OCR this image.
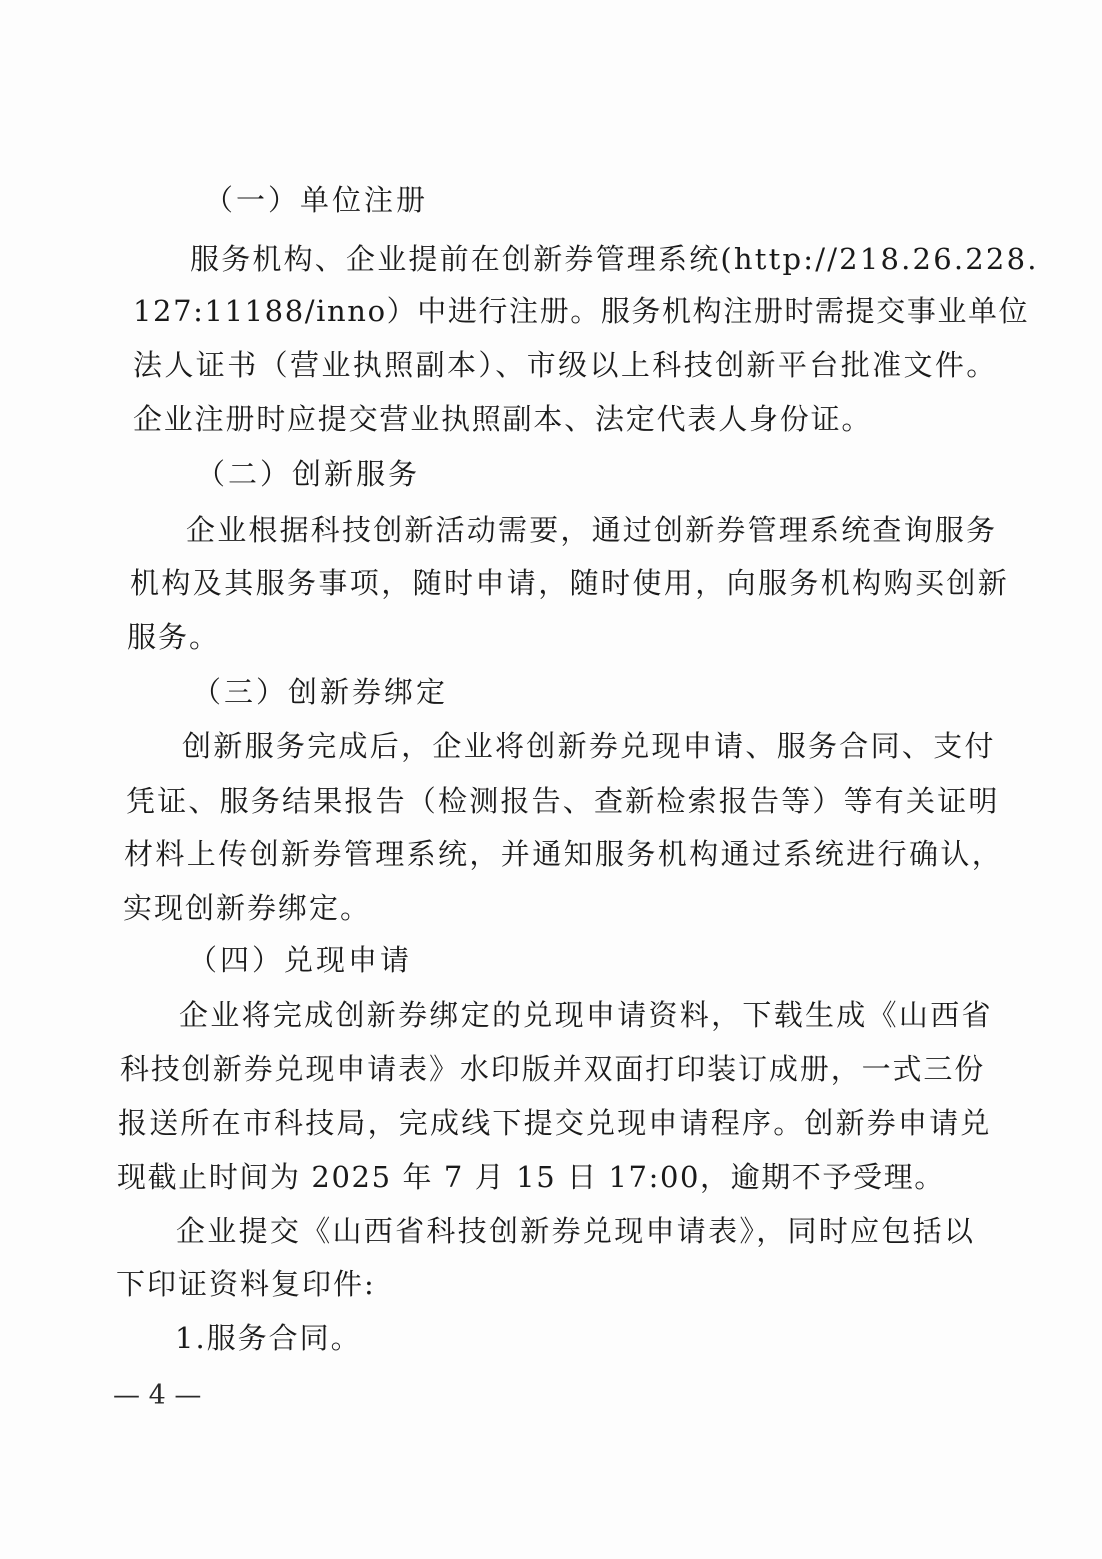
（一）单位注册
服务机构、企业提前在创新券管理系统(http://218.26.228.
127:11188/inno）中进行注册。服务机构注册时需提交事业单位
法人证书（营业执照副本）、市级以上科技创新平台批准文件。
企业注册时应提交营业执照副本、法定代表人身份证。
（二）创新服务
企业根据科技创新活动需要，通过创新券管理系统查询服务
机构及其服务事项，随时申请，随时使用，向服务机构购买创新
服务。
（三）创新券绑定
创新服务完成后，企业将创新券兑现申请、服务合同、支付
凭证、服务结果报告（检测报告、查新检索报告等）等有关证明
材料上传创新券管理系统，并通知服务机构通过系统进行确认，
实现创新券绑定。
（四）兑现申请
企业将完成创新券绑定的兑现申请资料，下载生成《山西省
科技创新券兑现申请表》水印版并双面打印装订成册，一式三份
报送所在市科技局，完成线下提交兑现申请程序。创新券申请兑
现截止时间为 2025 年 7 月 15 日 17:00，逾期不予受理。
企业提交《山西省科技创新券兑现申请表》，同时应包括以
下印证资料复印件:
1.服务合同。
— 4 —
